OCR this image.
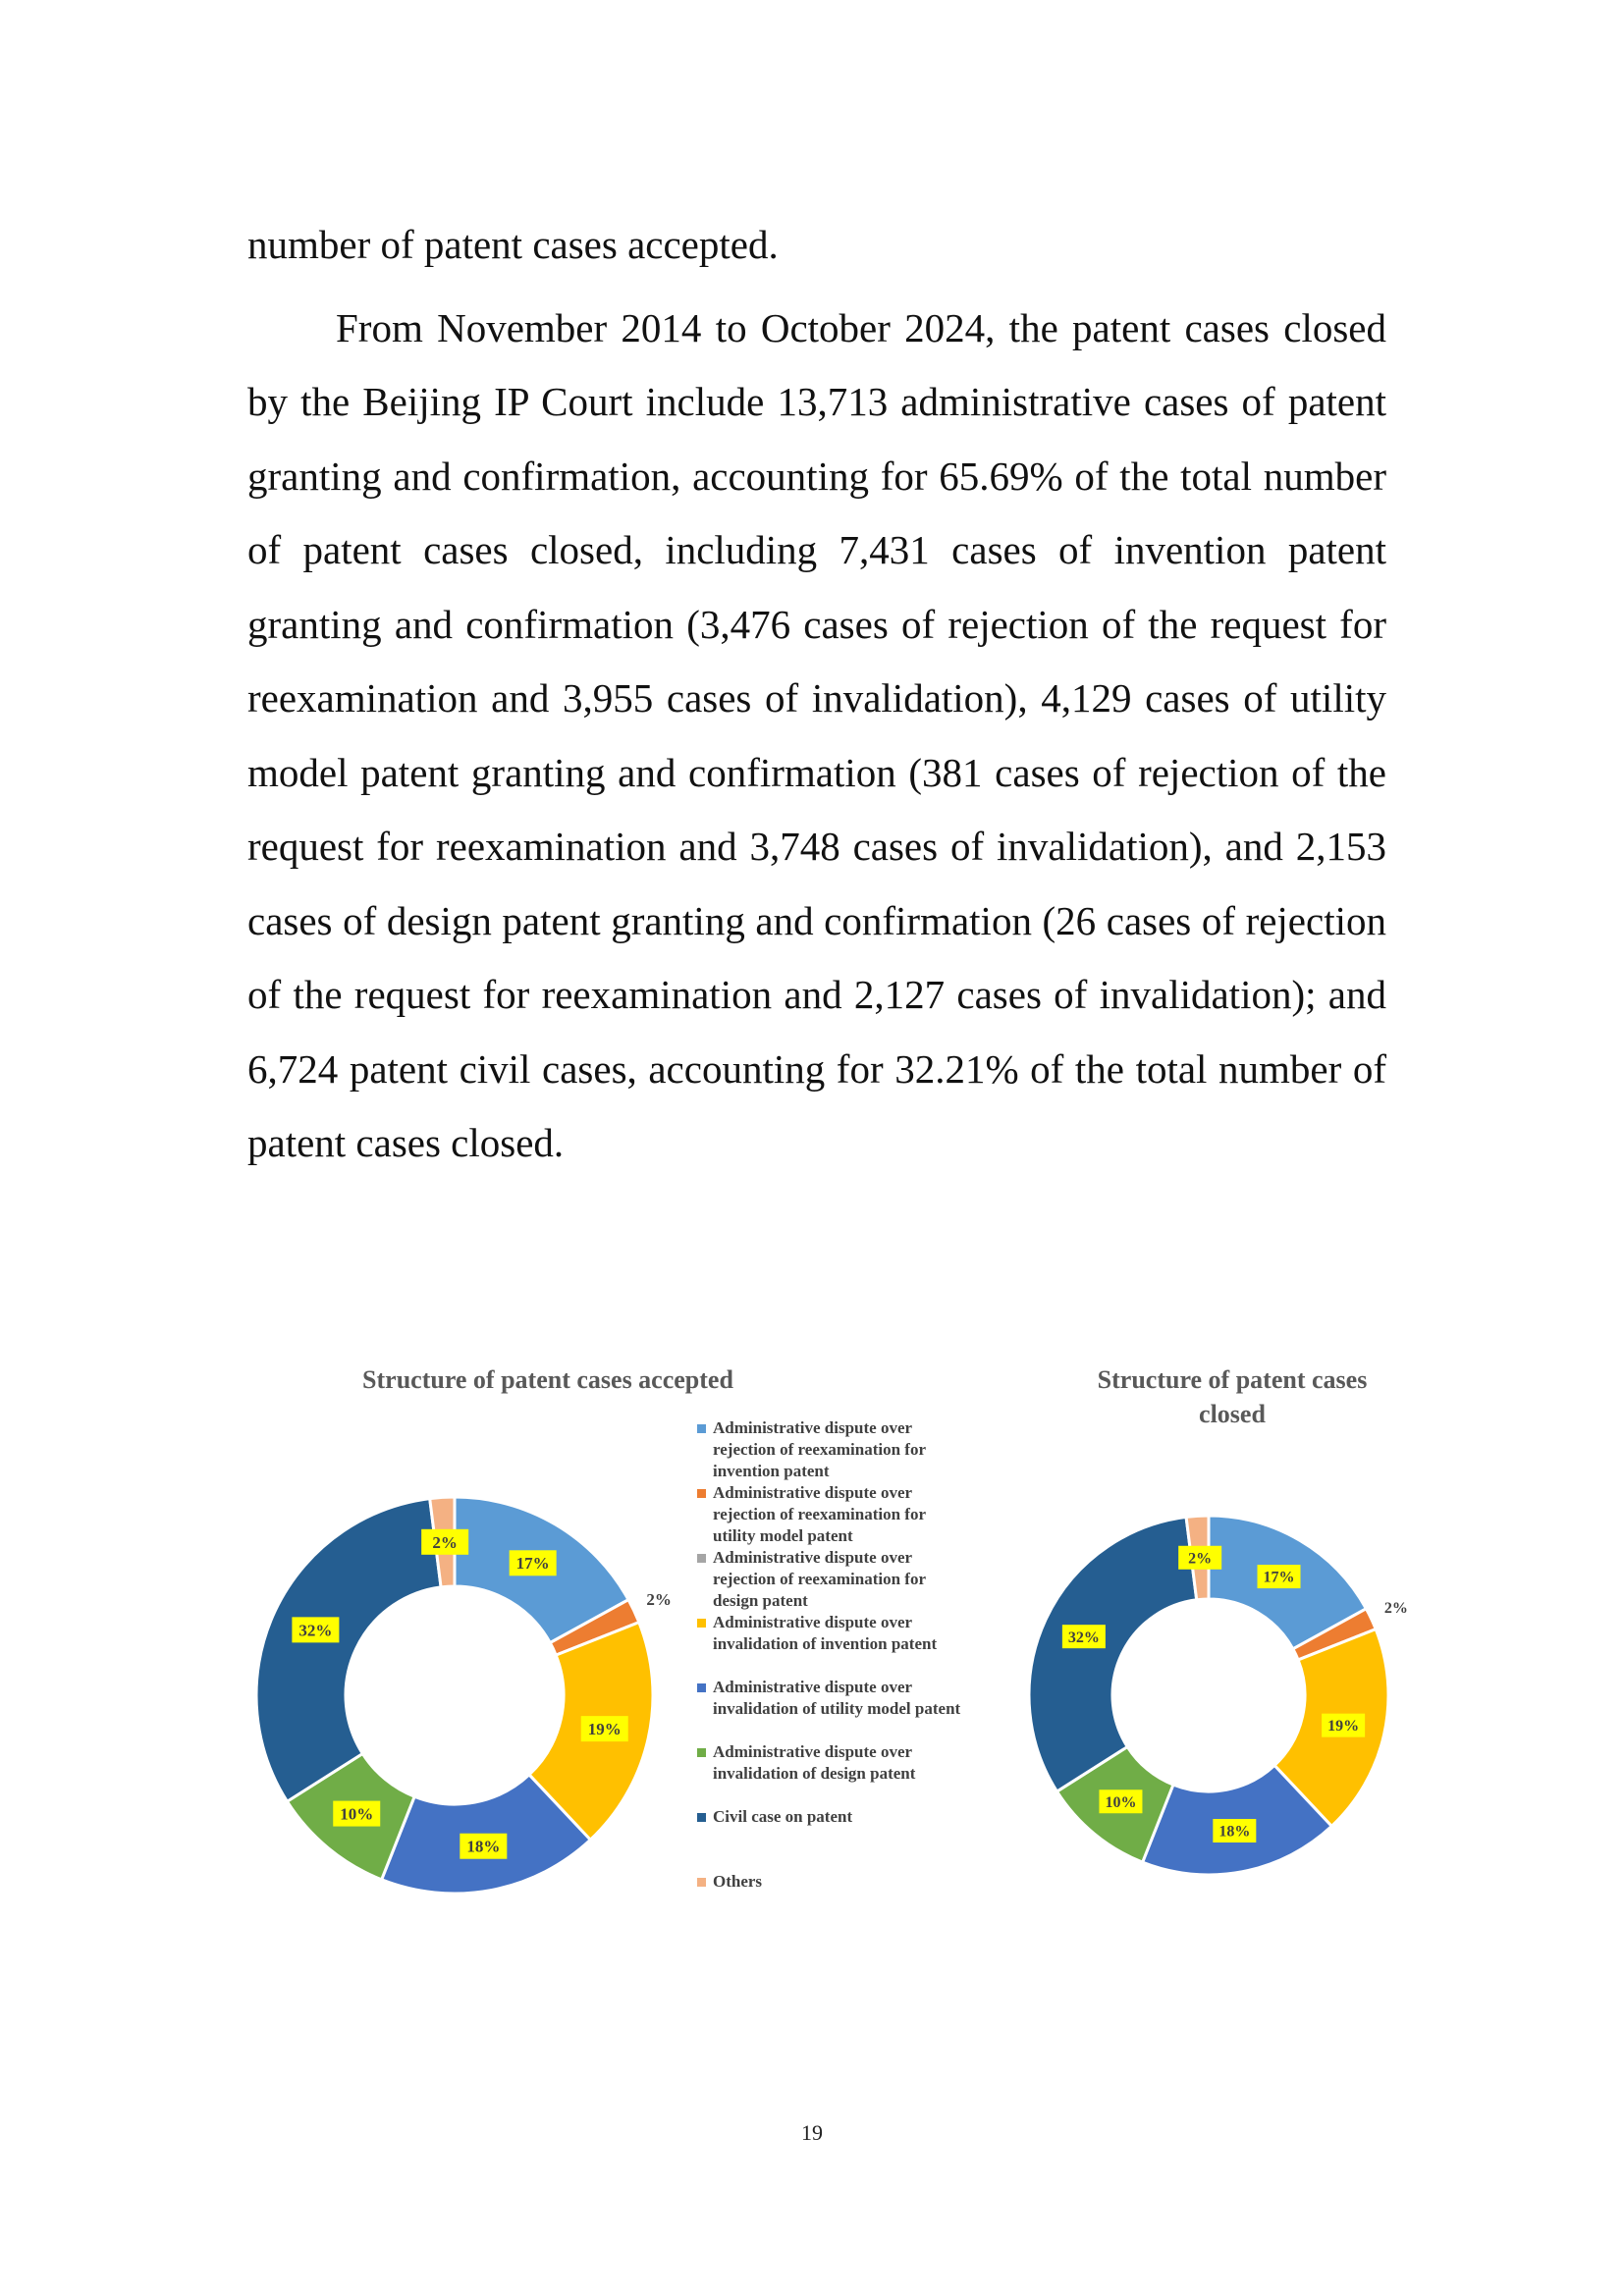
number of patent cases accepted.

From November 2014 to October 2024, the patent cases closed by the Beijing IP Court include 13,713 administrative cases of patent granting and confirmation, accounting for 65.69% of the total number of patent cases closed, including 7,431 cases of invention patent granting and confirmation (3,476 cases of rejection of the request for reexamination and 3,955 cases of invalidation), 4,129 cases of utility model patent granting and confirmation (381 cases of rejection of the request for reexamination and 3,748 cases of invalidation), and 2,153 cases of design patent granting and confirmation (26 cases of rejection of the request for reexamination and 2,127 cases of invalidation); and 6,724 patent civil cases, accounting for 32.21% of the total number of patent cases closed.

Structure of patent cases accepted
17%
2%
19%
18%
10%
32%
2%
Structure of patent cases
closed
17%
2%
19%
18%
10%
32%
2%
Administrative dispute over
rejection of reexamination for
invention patent
Administrative dispute over
rejection of reexamination for
utility model patent
Administrative dispute over
rejection of reexamination for
design patent
Administrative dispute over
invalidation of invention patent
Administrative dispute over
invalidation of utility model patent
Administrative dispute over
invalidation of design patent
Civil case on patent
Others
19
